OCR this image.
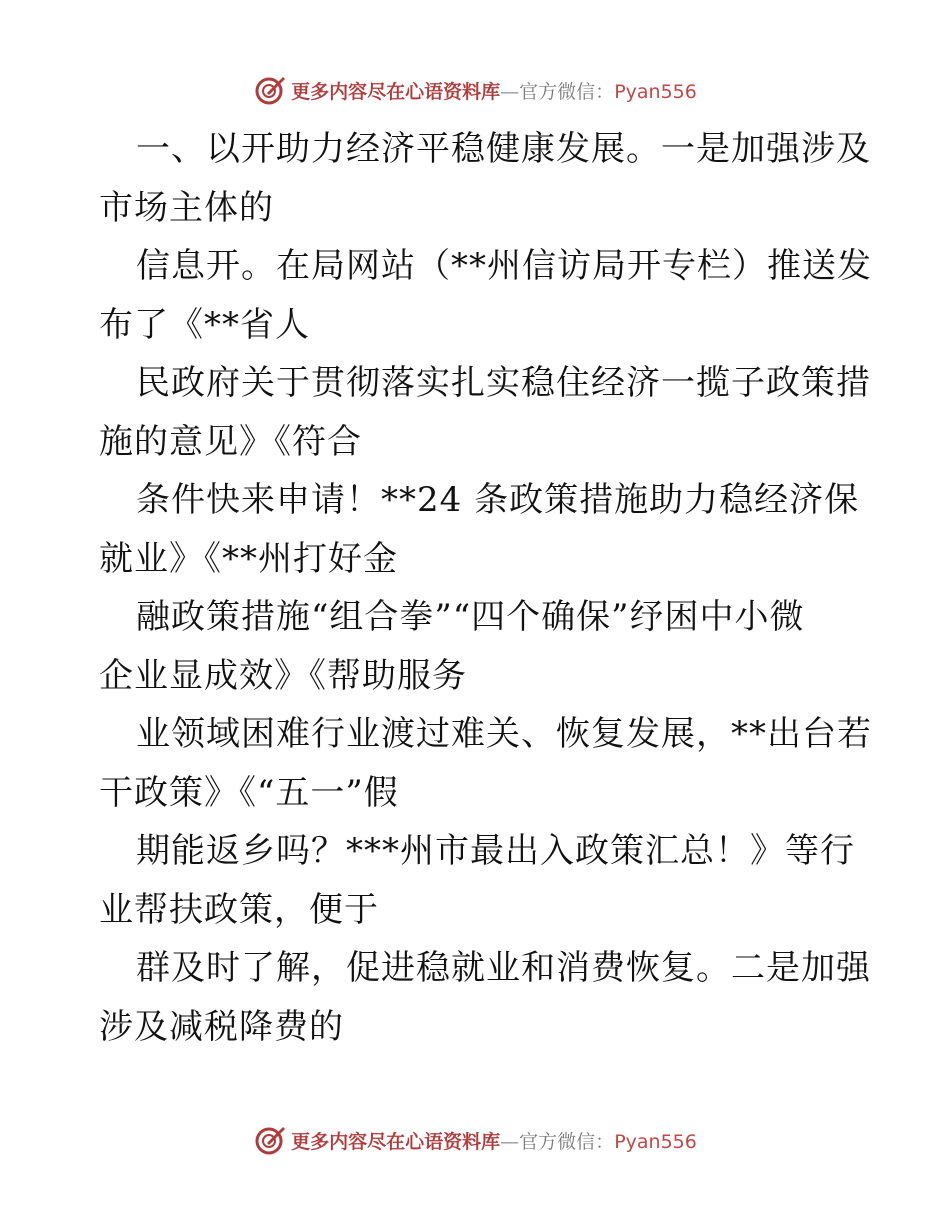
更多内容尽在心语资料库—官方微信：Pyan556
一、以开助力经济平稳健康发展。一是加强涉及
市场主体的
信息开。在局网站（**州信访局开专栏）推送发
布了《**省人
民政府关于贯彻落实扎实稳住经济一揽子政策措
施的意见》《符合
条件快来申请！**24 条政策措施助力稳经济保
就业》《**州打好金
融政策措施“组合拳”“四个确保”纾困中小微
企业显成效》《帮助服务
业领域困难行业渡过难关、恢复发展，**出台若
干政策》《“五一”假
期能返乡吗？***州市最出入政策汇总！》等行
业帮扶政策，便于
群及时了解，促进稳就业和消费恢复。二是加强
涉及减税降费的
更多内容尽在心语资料库—官方微信：Pyan556
